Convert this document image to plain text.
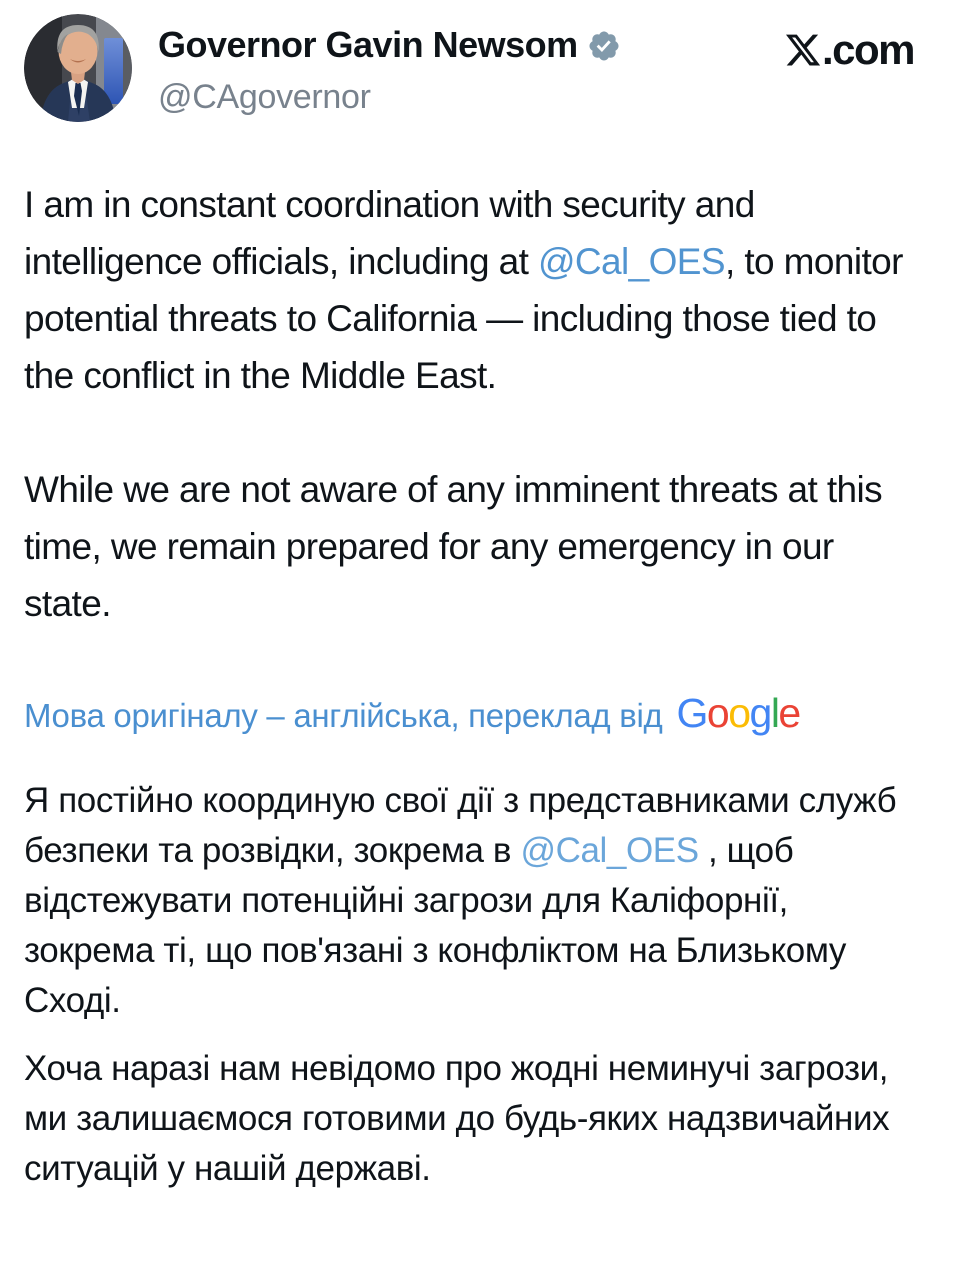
Governor Gavin Newsom
@CAgovernor
.com

I am in constant coordination with security and intelligence officials, including at @Cal_OES, to monitor potential threats to California — including those tied to the conflict in the Middle East.

While we are not aware of any imminent threats at this time, we remain prepared for any emergency in our state.

Мова оригіналу – англійська, переклад від Google

Я постійно координую свої дії з представниками служб безпеки та розвідки, зокрема в @Cal_OES , щоб відстежувати потенційні загрози для Каліфорнії, зокрема ті, що пов'язані з конфліктом на Близькому Сході.

Хоча наразі нам невідомо про жодні неминучі загрози, ми залишаємося готовими до будь-яких надзвичайних ситуацій у нашій державі.
